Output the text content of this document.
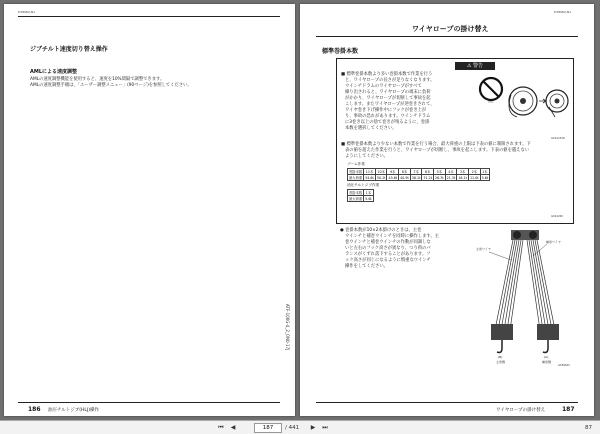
D38082-N1
ジブチルト速度切り替え操作
AMLによる速度調整
AMLの速度調整機能を使用すると、速度を10%間隔で調整できます。
AMLの速度調整手順は、「ユーザー調整メニュー」(90ページ)を参照してください。
ATF-100G-4_2_ON0-17J
186 油圧チルトジブ(HLJ)操作
D38082-N1
ワイヤロープの掛け替え
標準巻掛本数
⚠ 警告
■ 標準巻掛本数より多い巻掛本数で作業を行う
と、ワイヤロープの長さが足りなくなります。
ウインチドラムのワイヤロープがすべて
繰り出されると、ワイヤロープの端末に負荷
がかかり、ワイヤロープが切断して事故を起
こします。またワイヤロープが逆巻きされて、
ワイヤ巻き下げ操作中にフックが巻き上が
り、事故の恐れがあります。ウインチドラム
に3巻き以上の捨て巻きが残るように、巻掛
本数を選択してください。
禁止
GK91234D
■ 標準巻掛本数より少ない本数で作業を行う場合、最大荷重の上限は下表の値に制限されます。下
表の値を超えた作業を行うと、ワイヤロープが切断し、事故を起こします。下表の値を越えない
ようにしてください。
ブーム作業
巻掛本数	11本	10本	9本	8本	7本	6本	5本	4本	3本	2本	1本
最大荷重	54.6t	50.2t	45.6t	40.9t	36.1t	31.2t	26.3t	21.3t	16.1t	11.0t	5.6t
油圧チルトジブ作業
巻掛本数	1本
最大荷重	5.6t
GK91260
● 巻掛本数が10×2本掛けのときは、主巻
ウインチと補巻ウインチを同時に操作します。主
巻ウインチと補巻ウインチの作動が同調しな
いと左右のフック高さが異なり、つり荷のバ
ランスがくずれ落下することがあります。フ
ック高さが同じになるように慎重なウインチ
操作をしてください。
主巻ワイヤ
補巻ワイヤ
(B)
主巻側
(A)
補巻側
GK89645
ワイヤロープの掛け替え	187
⏮	◀	187	/ 441	▶	⏭	87
